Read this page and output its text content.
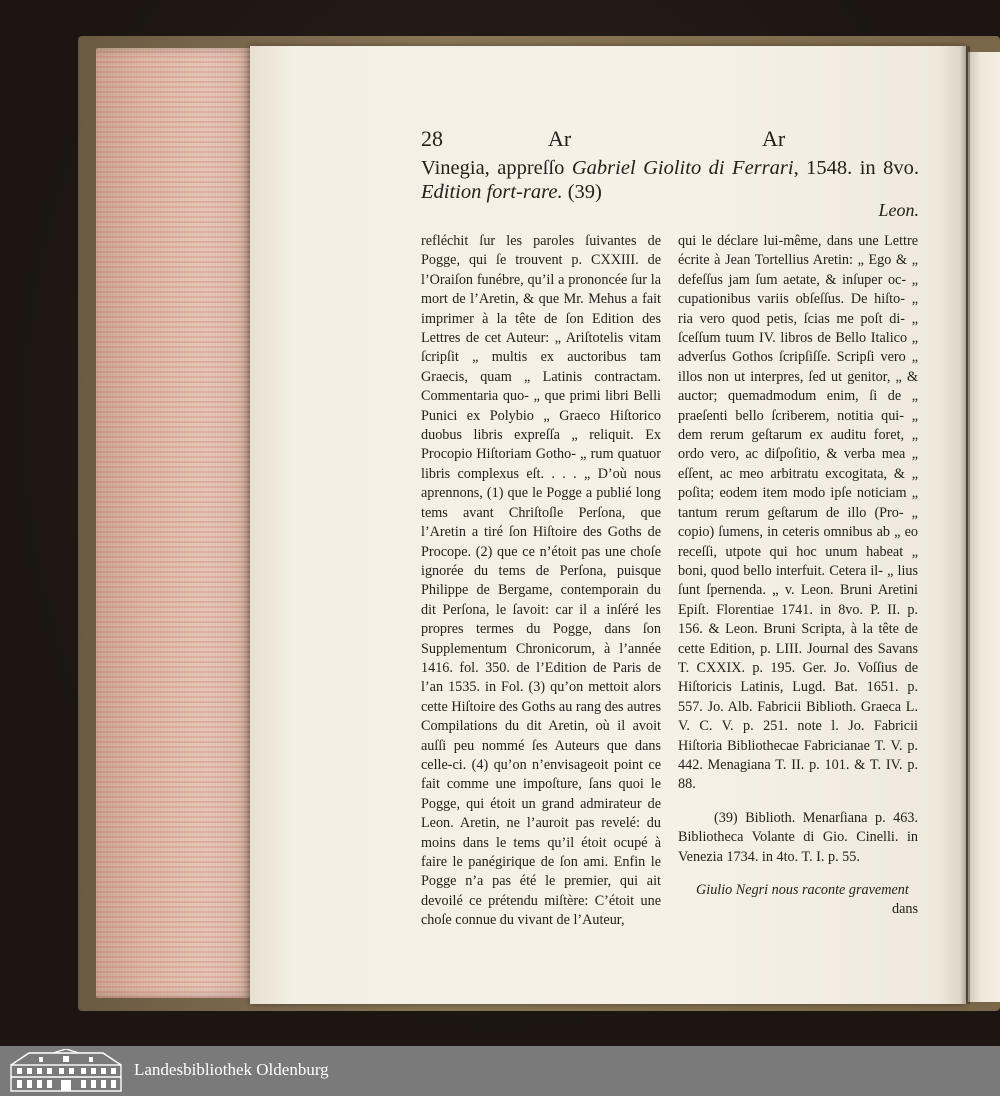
28	Ar	Ar
Vinegia, appreſſo Gabriel Giolito di Ferrari, 1548. in 8vo. Edition fort-rare. (39)
Leon.

refléchit ſur les paroles ſuivantes de Pogge, qui ſe trouvent p. CXXIII. de l’Oraiſon funébre, qu’il a prononcée ſur la mort de l’Aretin, & que Mr. Mehus a fait imprimer à la tête de ſon Edition des Lettres de cet Auteur: „ Ariſtotelis vitam ſcripſit „ multis ex auctoribus tam Graecis, quam „ Latinis contractam. Commentaria quo- „ que primi libri Belli Punici ex Polybio „ Graeco Hiſtorico duobus libris expreſſa „ reliquit. Ex Procopio Hiſtoriam Gotho- „ rum quatuor libris complexus eſt. . . . „ D’où nous aprennons, (1) que le Pogge a publié long tems avant Chriſtoſle Perſona, que l’Aretin a tiré ſon Hiſtoire des Goths de Procope. (2) que ce n’étoit pas une choſe ignorée du tems de Perſona, puisque Philippe de Bergame, contemporain du dit Perſona, le ſavoit: car il a inſéré les propres termes du Pogge, dans ſon Supplementum Chronicorum, à l’année 1416. fol. 350. de l’Edition de Paris de l’an 1535. in Fol. (3) qu’on mettoit alors cette Hiſtoire des Goths au rang des autres Compilations du dit Aretin, où il avoit auſſi peu nommé ſes Auteurs que dans celle-ci. (4) qu’on n’envisageoit point ce fait comme une impoſture, ſans quoi le Pogge, qui étoit un grand admirateur de Leon. Aretin, ne l’auroit pas revelé: du moins dans le tems qu’il étoit ocupé à faire le panégirique de ſon ami. Enfin le Pogge n’a pas été le premier, qui ait devoilé ce prétendu miſtère: C’étoit une choſe connue du vivant de l’Auteur,

qui le déclare lui-même, dans une Lettre écrite à Jean Tortellius Aretin: „ Ego & „ defeſſus jam ſum aetate, & inſuper oc- „ cupationibus variis obſeſſus. De hiſto- „ ria vero quod petis, ſcias me poſt di- „ ſceſſum tuum IV. libros de Bello Italico „ adverſus Gothos ſcripſiſſe. Scripſi vero „ illos non ut interpres, ſed ut genitor, „ & auctor; quemadmodum enim, ſi de „ praeſenti bello ſcriberem, notitia qui- „ dem rerum geſtarum ex auditu foret, „ ordo vero, ac diſpoſitio, & verba mea „ eſſent, ac meo arbitratu excogitata, & „ poſita; eodem item modo ipſe noticiam „ tantum rerum geſtarum de illo (Pro- „ copio) ſumens, in ceteris omnibus ab „ eo receſſi, utpote qui hoc unum habeat „ boni, quod bello interfuit. Cetera il- „ lius ſunt ſpernenda. „ v. Leon. Bruni Aretini Epiſt. Florentiae 1741. in 8vo. P. II. p. 156. & Leon. Bruni Scripta, à la tête de cette Edition, p. LIII. Journal des Savans T. CXXIX. p. 195. Ger. Jo. Voſſius de Hiſtoricis Latinis, Lugd. Bat. 1651. p. 557. Jo. Alb. Fabricii Biblioth. Graeca L. V. C. V. p. 251. note l. Jo. Fabricii Hiſtoria Bibliothecae Fabricianae T. V. p. 442. Menagiana T. II. p. 101. & T. IV. p. 88.

(39) Biblioth. Menarſiana p. 463. Bibliotheca Volante di Gio. Cinelli. in Venezia 1734. in 4to. T. I. p. 55.

Giulio Negri nous raconte gravement

dans

Landesbibliothek Oldenburg
